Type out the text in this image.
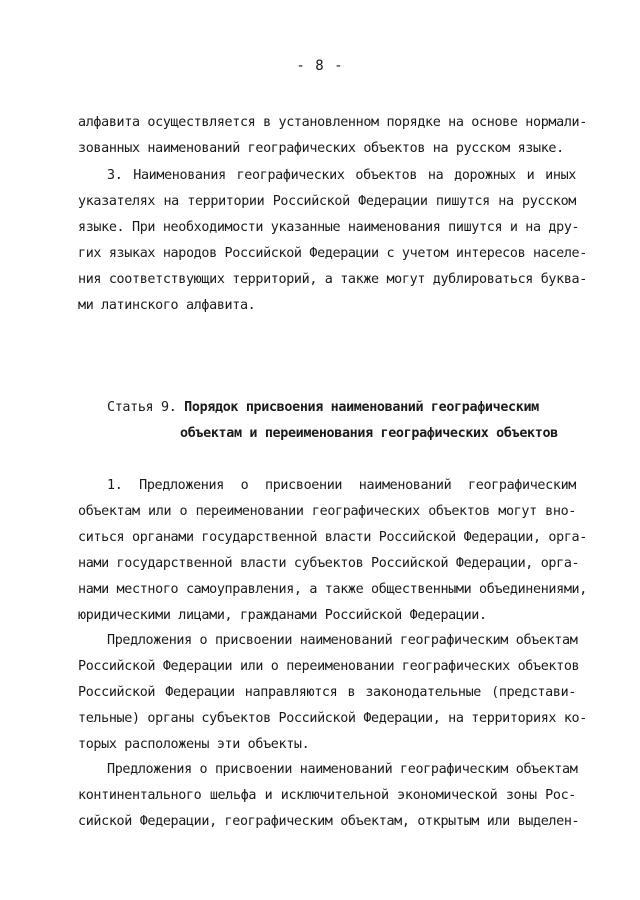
- 8 -
алфавита осуществляется в установленном порядке на основе нормали-
зованных наименований географических объектов на русском языке.
3. Наименования географических объектов на дорожных и иных
указателях на территории Российской Федерации пишутся на русском
языке. При необходимости указанные наименования пишутся и на дру-
гих языках народов Российской Федерации с учетом интересов населе-
ния соответствующих территорий, а также могут дублироваться буква-
ми латинского алфавита.
Статья 9. Порядок присвоения наименований географическим
объектам и переименования географических объектов
1. Предложения о присвоении наименований географическим
объектам или о переименовании географических объектов могут вно-
ситься органами государственной власти Российской Федерации, орга-
нами государственной власти субъектов Российской Федерации, орга-
нами местного самоуправления, а также общественными объединениями,
юридическими лицами, гражданами Российской Федерации.
Предложения о присвоении наименований географическим объектам
Российской Федерации или о переименовании географических объектов
Российской Федерации направляются в законодательные (представи-
тельные) органы субъектов Российской Федерации, на территориях ко-
торых расположены эти объекты.
Предложения о присвоении наименований географическим объектам
континентального шельфа и исключительной экономической зоны Рос-
сийской Федерации, географическим объектам, открытым или выделен-
